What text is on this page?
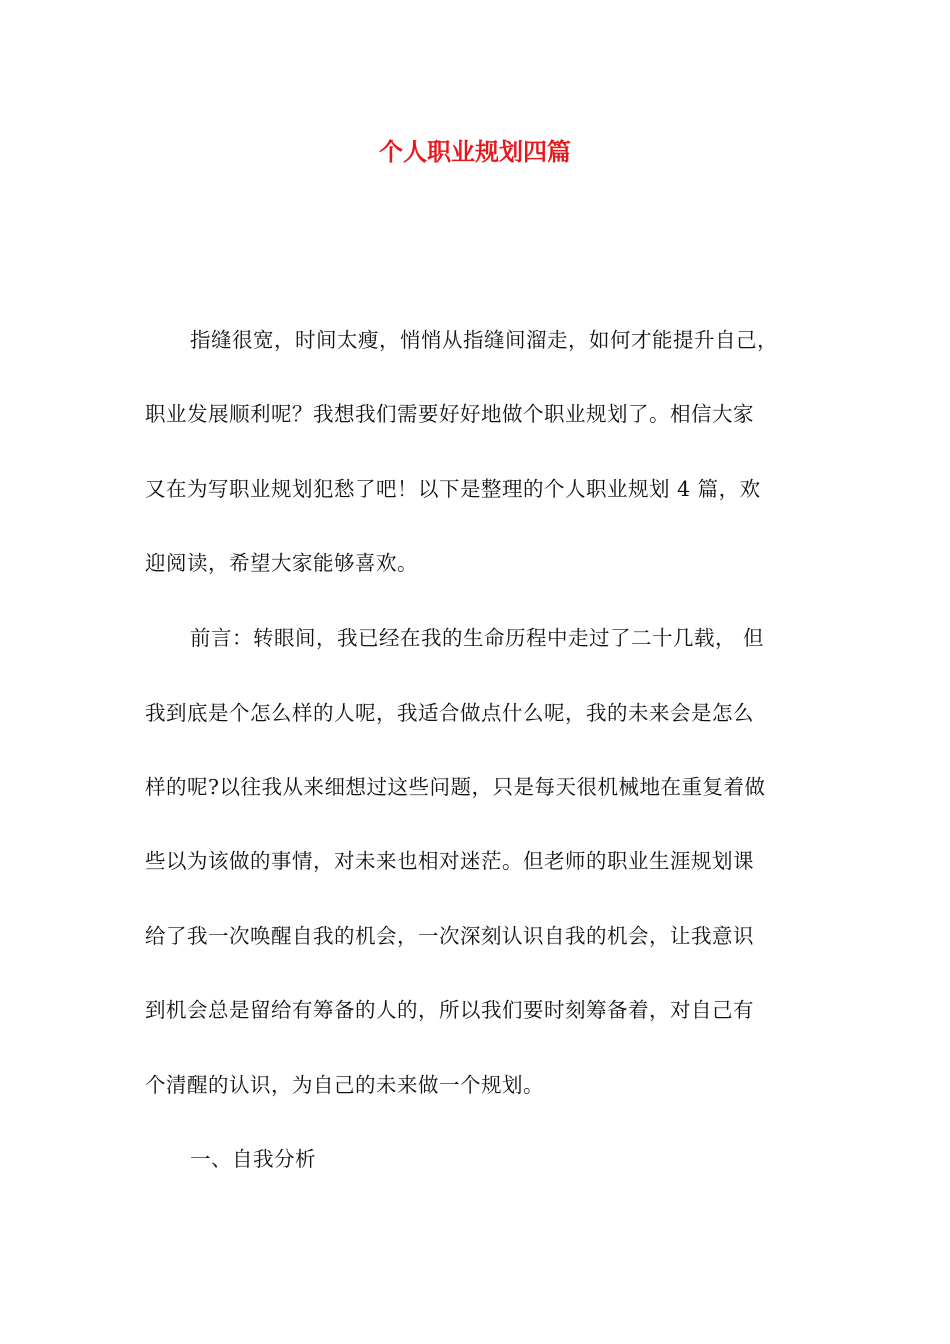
个人职业规划四篇
指缝很宽，时间太瘦，悄悄从指缝间溜走，如何才能提升自己，
职业发展顺利呢？我想我们需要好好地做个职业规划了。相信大家
又在为写职业规划犯愁了吧！以下是整理的个人职业规划 4 篇，欢
迎阅读，希望大家能够喜欢。
前言：转眼间，我已经在我的生命历程中走过了二十几载， 但
我到底是个怎么样的人呢，我适合做点什么呢，我的未来会是怎么
样的呢?以往我从来细想过这些问题，只是每天很机械地在重复着做
些以为该做的事情，对未来也相对迷茫。但老师的职业生涯规划课
给了我一次唤醒自我的机会，一次深刻认识自我的机会，让我意识
到机会总是留给有筹备的人的，所以我们要时刻筹备着，对自己有
个清醒的认识，为自己的未来做一个规划。
一、自我分析
